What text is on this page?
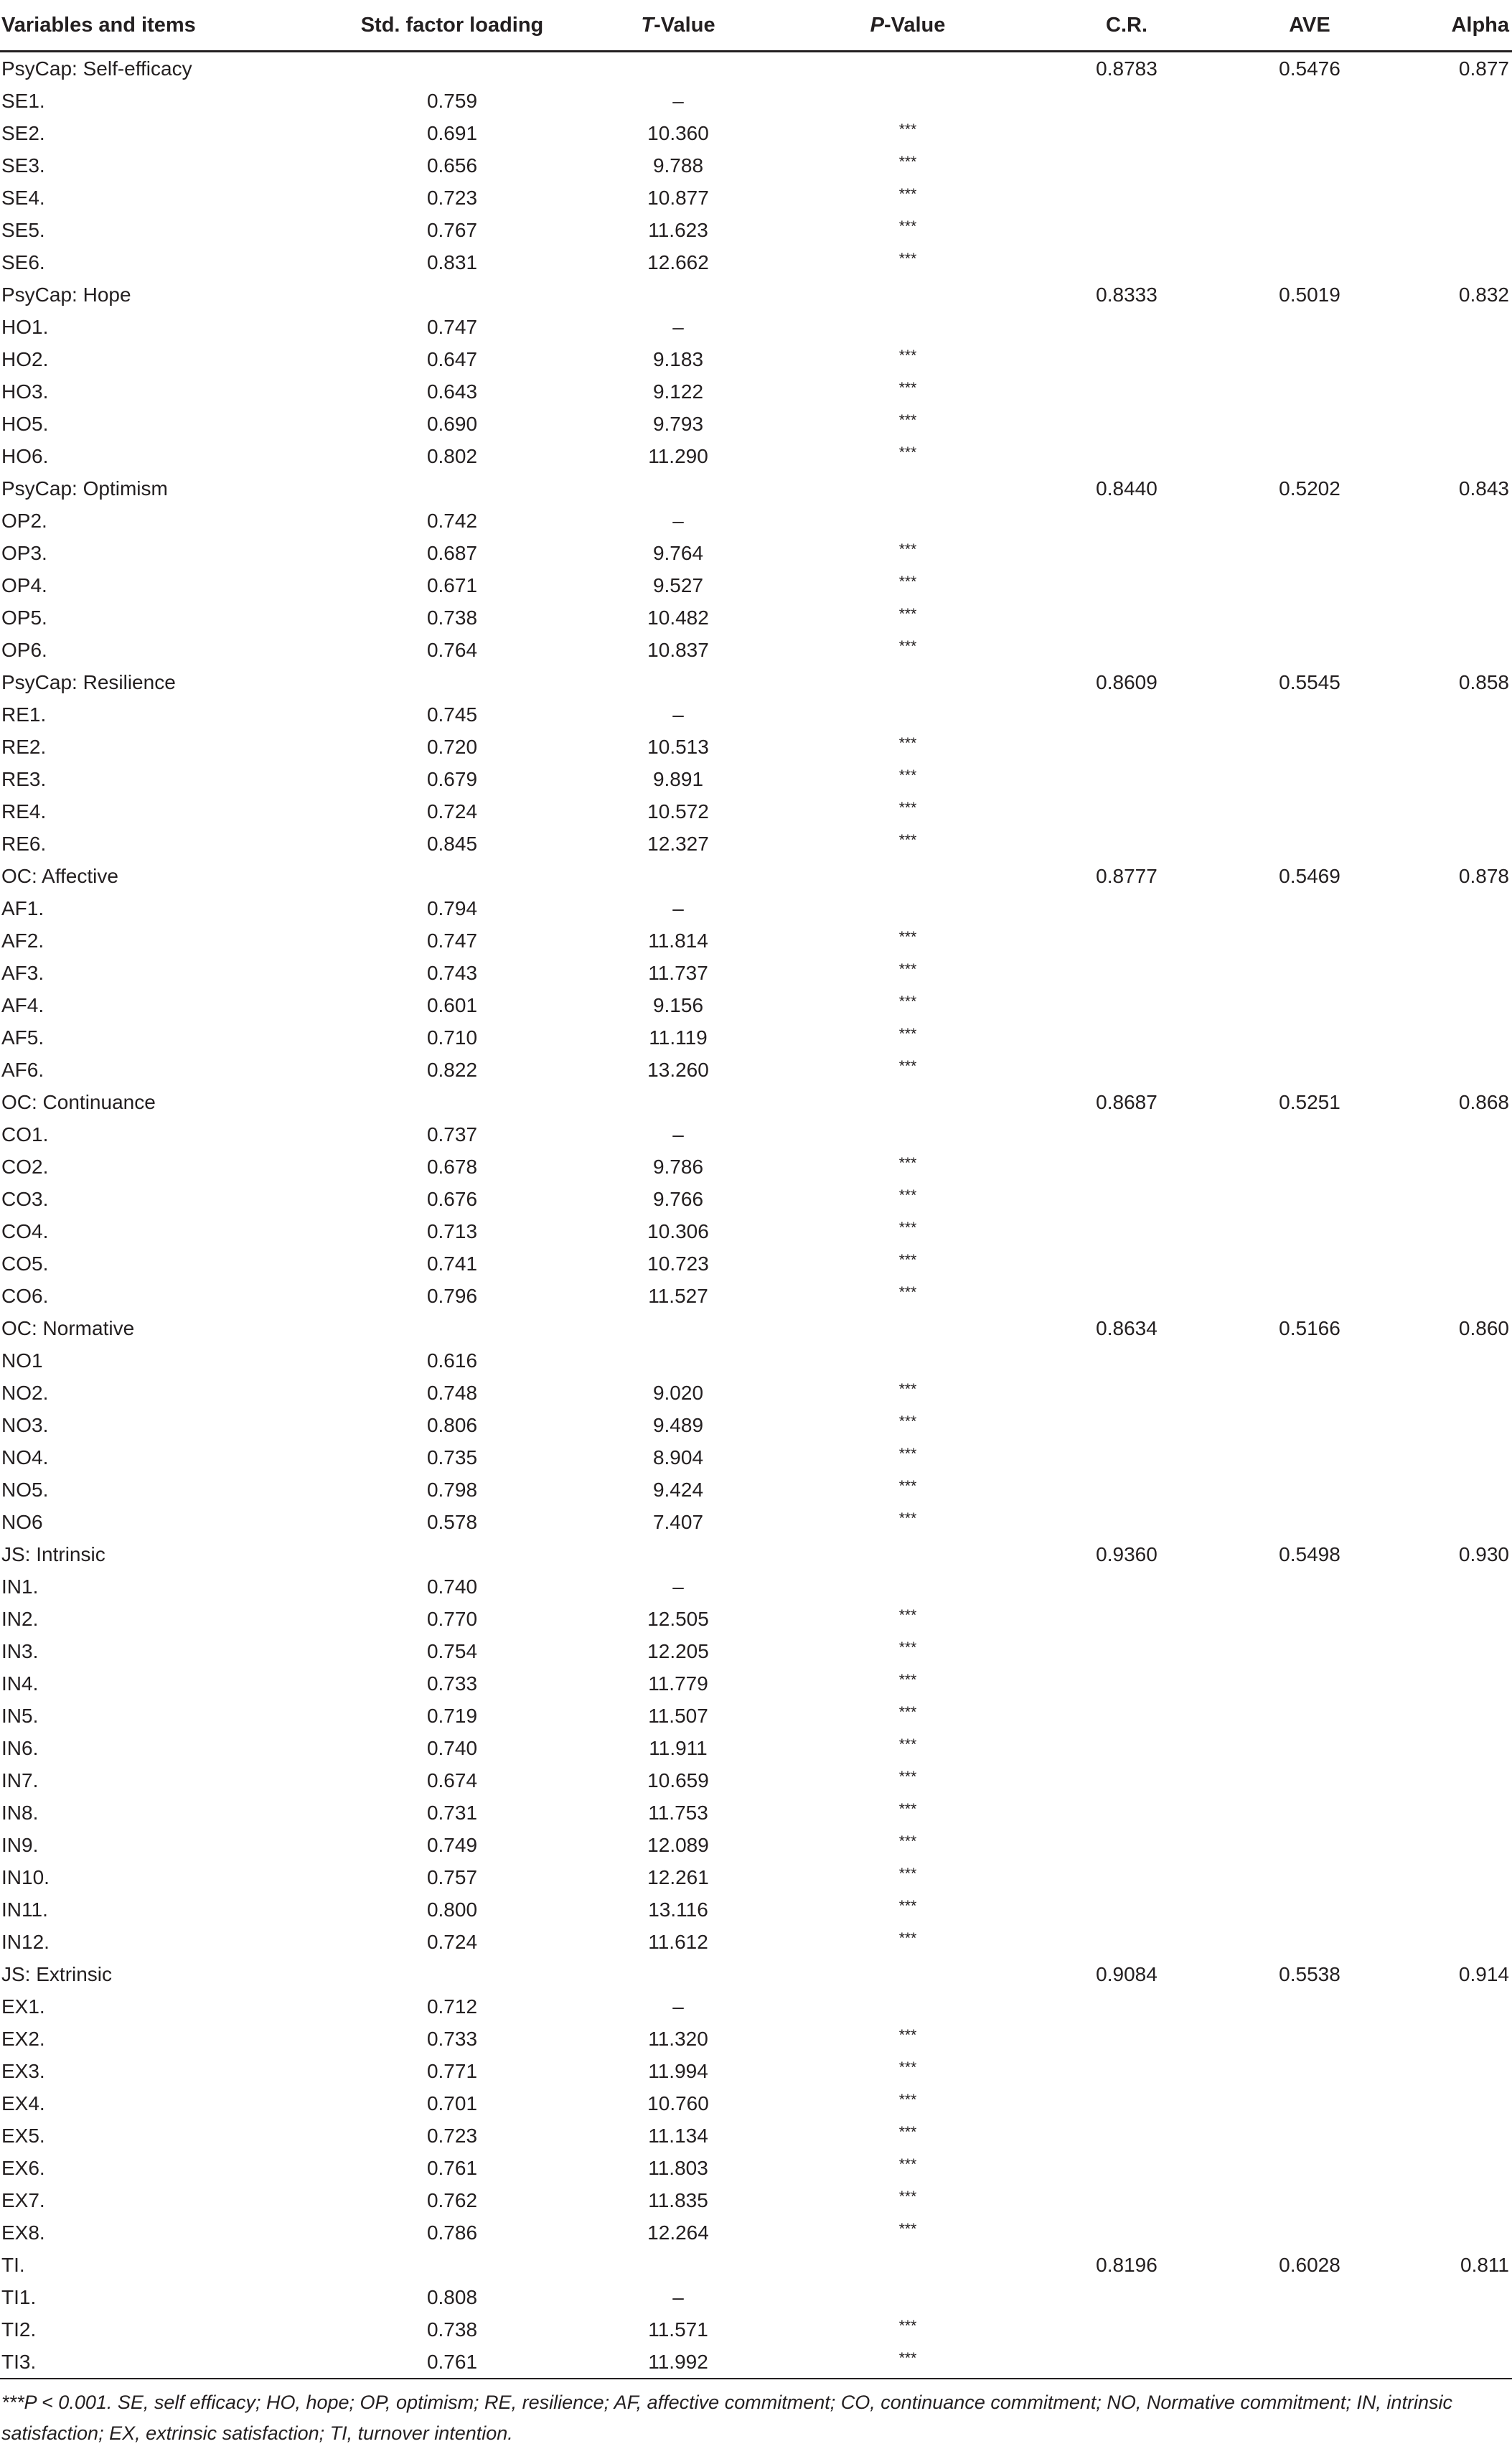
Variables and items	Std. factor loading	T-Value	P-Value	C.R.	AVE	Alpha
PsyCap: Self-efficacy				0.8783	0.5476	0.877
SE1.	0.759	–				
SE2.	0.691	10.360	***			
SE3.	0.656	9.788	***			
SE4.	0.723	10.877	***			
SE5.	0.767	11.623	***			
SE6.	0.831	12.662	***			
PsyCap: Hope				0.8333	0.5019	0.832
HO1.	0.747	–				
HO2.	0.647	9.183	***			
HO3.	0.643	9.122	***			
HO5.	0.690	9.793	***			
HO6.	0.802	11.290	***			
PsyCap: Optimism				0.8440	0.5202	0.843
OP2.	0.742	–				
OP3.	0.687	9.764	***			
OP4.	0.671	9.527	***			
OP5.	0.738	10.482	***			
OP6.	0.764	10.837	***			
PsyCap: Resilience				0.8609	0.5545	0.858
RE1.	0.745	–				
RE2.	0.720	10.513	***			
RE3.	0.679	9.891	***			
RE4.	0.724	10.572	***			
RE6.	0.845	12.327	***			
OC: Affective				0.8777	0.5469	0.878
AF1.	0.794	–				
AF2.	0.747	11.814	***			
AF3.	0.743	11.737	***			
AF4.	0.601	9.156	***			
AF5.	0.710	11.119	***			
AF6.	0.822	13.260	***			
OC: Continuance				0.8687	0.5251	0.868
CO1.	0.737	–				
CO2.	0.678	9.786	***			
CO3.	0.676	9.766	***			
CO4.	0.713	10.306	***			
CO5.	0.741	10.723	***			
CO6.	0.796	11.527	***			
OC: Normative				0.8634	0.5166	0.860
NO1	0.616					
NO2.	0.748	9.020	***			
NO3.	0.806	9.489	***			
NO4.	0.735	8.904	***			
NO5.	0.798	9.424	***			
NO6	0.578	7.407	***			
JS: Intrinsic				0.9360	0.5498	0.930
IN1.	0.740	–				
IN2.	0.770	12.505	***			
IN3.	0.754	12.205	***			
IN4.	0.733	11.779	***			
IN5.	0.719	11.507	***			
IN6.	0.740	11.911	***			
IN7.	0.674	10.659	***			
IN8.	0.731	11.753	***			
IN9.	0.749	12.089	***			
IN10.	0.757	12.261	***			
IN11.	0.800	13.116	***			
IN12.	0.724	11.612	***			
JS: Extrinsic				0.9084	0.5538	0.914
EX1.	0.712	–				
EX2.	0.733	11.320	***			
EX3.	0.771	11.994	***			
EX4.	0.701	10.760	***			
EX5.	0.723	11.134	***			
EX6.	0.761	11.803	***			
EX7.	0.762	11.835	***			
EX8.	0.786	12.264	***			
TI.				0.8196	0.6028	0.811
TI1.	0.808	–				
TI2.	0.738	11.571	***			
TI3.	0.761	11.992	***			
***P < 0.001. SE, self efficacy; HO, hope; OP, optimism; RE, resilience; AF, affective commitment; CO, continuance commitment; NO, Normative commitment; IN, intrinsic satisfaction; EX, extrinsic satisfaction; TI, turnover intention.
